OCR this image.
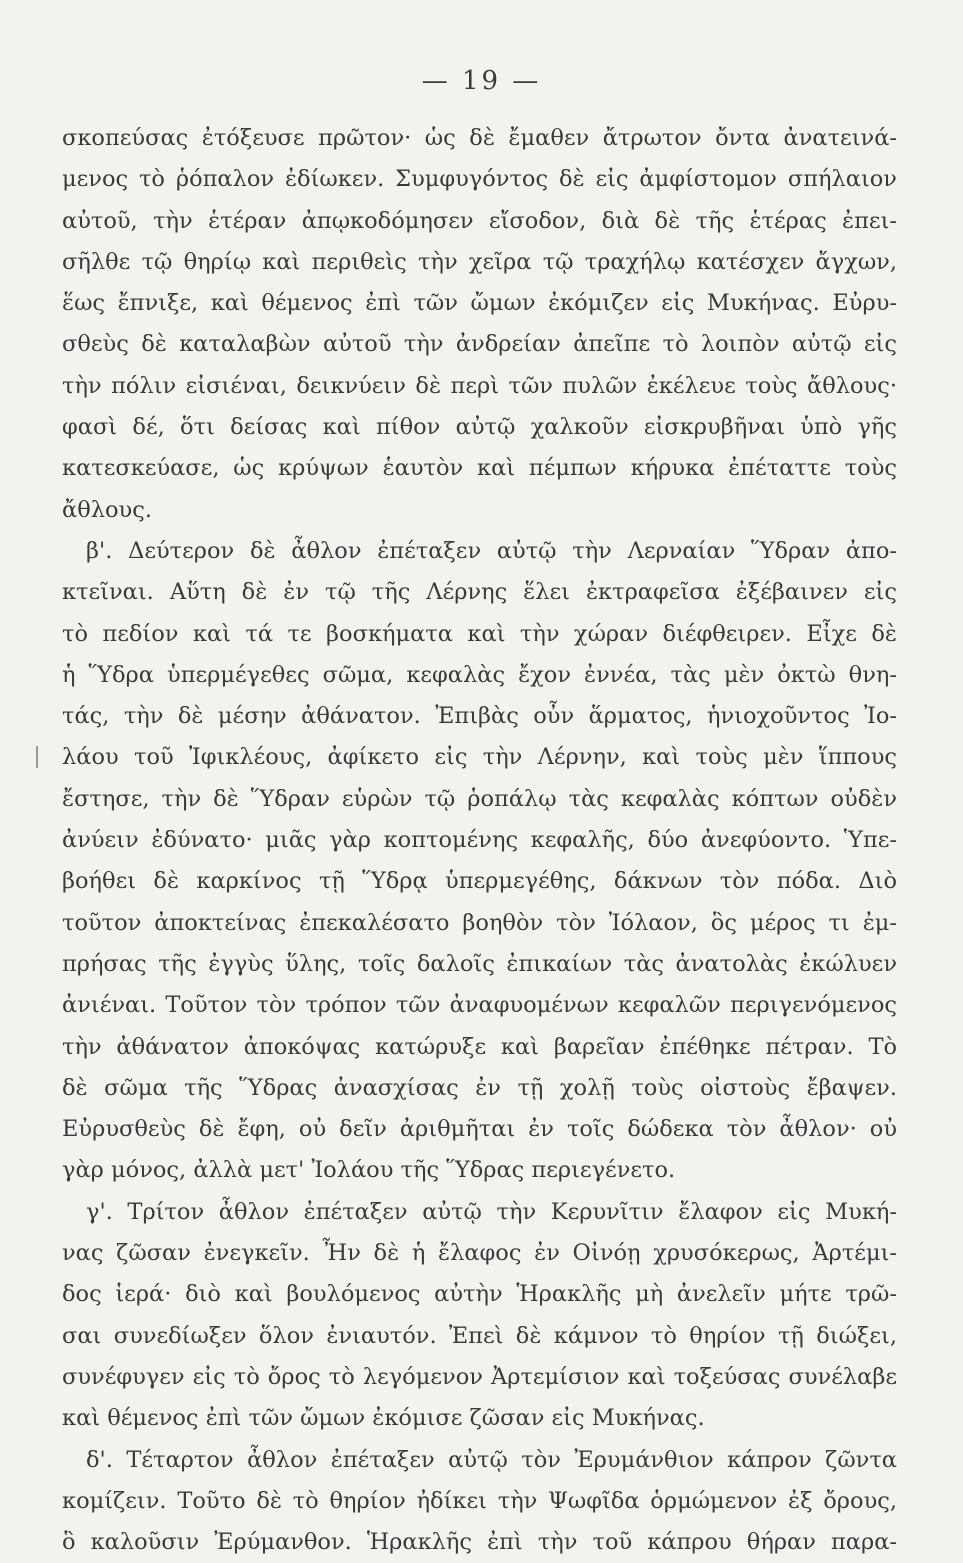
— 19 —
σκοπεύσας ἐτόξευσε πρῶτον· ὡς δὲ ἔμαθεν ἄτρωτον ὄντα ἀνατεινά-
μενος τὸ ῥόπαλον ἐδίωκεν. Συμφυγόντος δὲ εἰς ἀμφίστομον σπήλαιον
αὐτοῦ, τὴν ἑτέραν ἀπῳκοδόμησεν εἴσοδον, διὰ δὲ τῆς ἑτέρας ἐπει-
σῆλθε τῷ θηρίῳ καὶ περιθεὶς τὴν χεῖρα τῷ τραχήλῳ κατέσχεν ἄγχων,
ἕως ἔπνιξε, καὶ θέμενος ἐπὶ τῶν ὤμων ἐκόμιζεν εἰς Μυκήνας. Εὐρυ-
σθεὺς δὲ καταλαβὼν αὐτοῦ τὴν ἀνδρείαν ἀπεῖπε τὸ λοιπὸν αὐτῷ εἰς
τὴν πόλιν εἰσιέναι, δεικνύειν δὲ περὶ τῶν πυλῶν ἐκέλευε τοὺς ἄθλους·
φασὶ δέ, ὅτι δείσας καὶ πίθον αὐτῷ χαλκοῦν εἰσκρυβῆναι ὑπὸ γῆς
κατεσκεύασε, ὡς κρύψων ἑαυτὸν καὶ πέμπων κήρυκα ἐπέταττε τοὺς
ἄθλους.
β'. Δεύτερον δὲ ἆθλον ἐπέταξεν αὐτῷ τὴν Λερναίαν Ὕδραν ἀπο-
κτεῖναι. Αὕτη δὲ ἐν τῷ τῆς Λέρνης ἕλει ἐκτραφεῖσα ἐξέβαινεν εἰς
τὸ πεδίον καὶ τά τε βοσκήματα καὶ τὴν χώραν διέφθειρεν. Εἶχε δὲ
ἡ Ὕδρα ὑπερμέγεθες σῶμα, κεφαλὰς ἔχον ἐννέα, τὰς μὲν ὀκτὼ θνη-
τάς, τὴν δὲ μέσην ἀθάνατον. Ἐπιβὰς οὖν ἅρματος, ἡνιοχοῦντος Ἰο-
λάου τοῦ Ἰφικλέους, ἀφίκετο εἰς τὴν Λέρνην, καὶ τοὺς μὲν ἵππους
ἔστησε, τὴν δὲ Ὕδραν εὑρὼν τῷ ῥοπάλῳ τὰς κεφαλὰς κόπτων οὐδὲν
ἀνύειν ἐδύνατο· μιᾶς γὰρ κοπτομένης κεφαλῆς, δύο ἀνεφύοντο. Ὑπε-
βοήθει δὲ καρκίνος τῇ Ὕδρᾳ ὑπερμεγέθης, δάκνων τὸν πόδα. Διὸ
τοῦτον ἀποκτείνας ἐπεκαλέσατο βοηθὸν τὸν Ἰόλαον, ὃς μέρος τι ἐμ-
πρήσας τῆς ἐγγὺς ὕλης, τοῖς δαλοῖς ἐπικαίων τὰς ἀνατολὰς ἐκώλυεν
ἀνιέναι. Τοῦτον τὸν τρόπον τῶν ἀναφυομένων κεφαλῶν περιγενόμενος
τὴν ἀθάνατον ἀποκόψας κατώρυξε καὶ βαρεῖαν ἐπέθηκε πέτραν. Τὸ
δὲ σῶμα τῆς Ὕδρας ἀνασχίσας ἐν τῇ χολῇ τοὺς οἰστοὺς ἔβαψεν.
Εὐρυσθεὺς δὲ ἔφη, οὐ δεῖν ἀριθμῆται ἐν τοῖς δώδεκα τὸν ἆθλον· οὐ
γὰρ μόνος, ἀλλὰ μετ' Ἰολάου τῆς Ὕδρας περιεγένετο.
γ'. Τρίτον ἆθλον ἐπέταξεν αὐτῷ τὴν Κερυνῖτιν ἔλαφον εἰς Μυκή-
νας ζῶσαν ἐνεγκεῖν. Ἦν δὲ ἡ ἔλαφος ἐν Οἰνόῃ χρυσόκερως, Ἀρτέμι-
δος ἱερά· διὸ καὶ βουλόμενος αὐτὴν Ἡρακλῆς μὴ ἀνελεῖν μήτε τρῶ-
σαι συνεδίωξεν ὅλον ἐνιαυτόν. Ἐπεὶ δὲ κάμνον τὸ θηρίον τῇ διώξει,
συνέφυγεν εἰς τὸ ὄρος τὸ λεγόμενον Ἀρτεμίσιον καὶ τοξεύσας συνέλαβε
καὶ θέμενος ἐπὶ τῶν ὤμων ἐκόμισε ζῶσαν εἰς Μυκήνας.
δ'. Τέταρτον ἆθλον ἐπέταξεν αὐτῷ τὸν Ἐρυμάνθιον κάπρον ζῶντα
κομίζειν. Τοῦτο δὲ τὸ θηρίον ἠδίκει τὴν Ψωφῖδα ὁρμώμενον ἐξ ὄρους,
ὃ καλοῦσιν Ἐρύμανθον. Ἡρακλῆς ἐπὶ τὴν τοῦ κάπρου θήραν παρα-
